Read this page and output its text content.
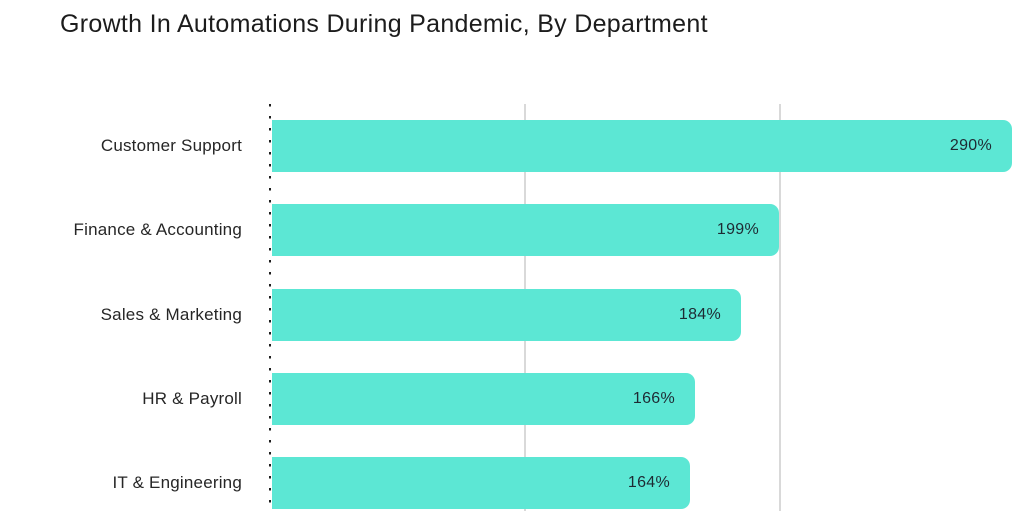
Growth In Automations During Pandemic, By Department
Customer Support	290%
Finance & Accounting	199%
Sales & Marketing	184%
HR & Payroll	166%
IT & Engineering	164%
